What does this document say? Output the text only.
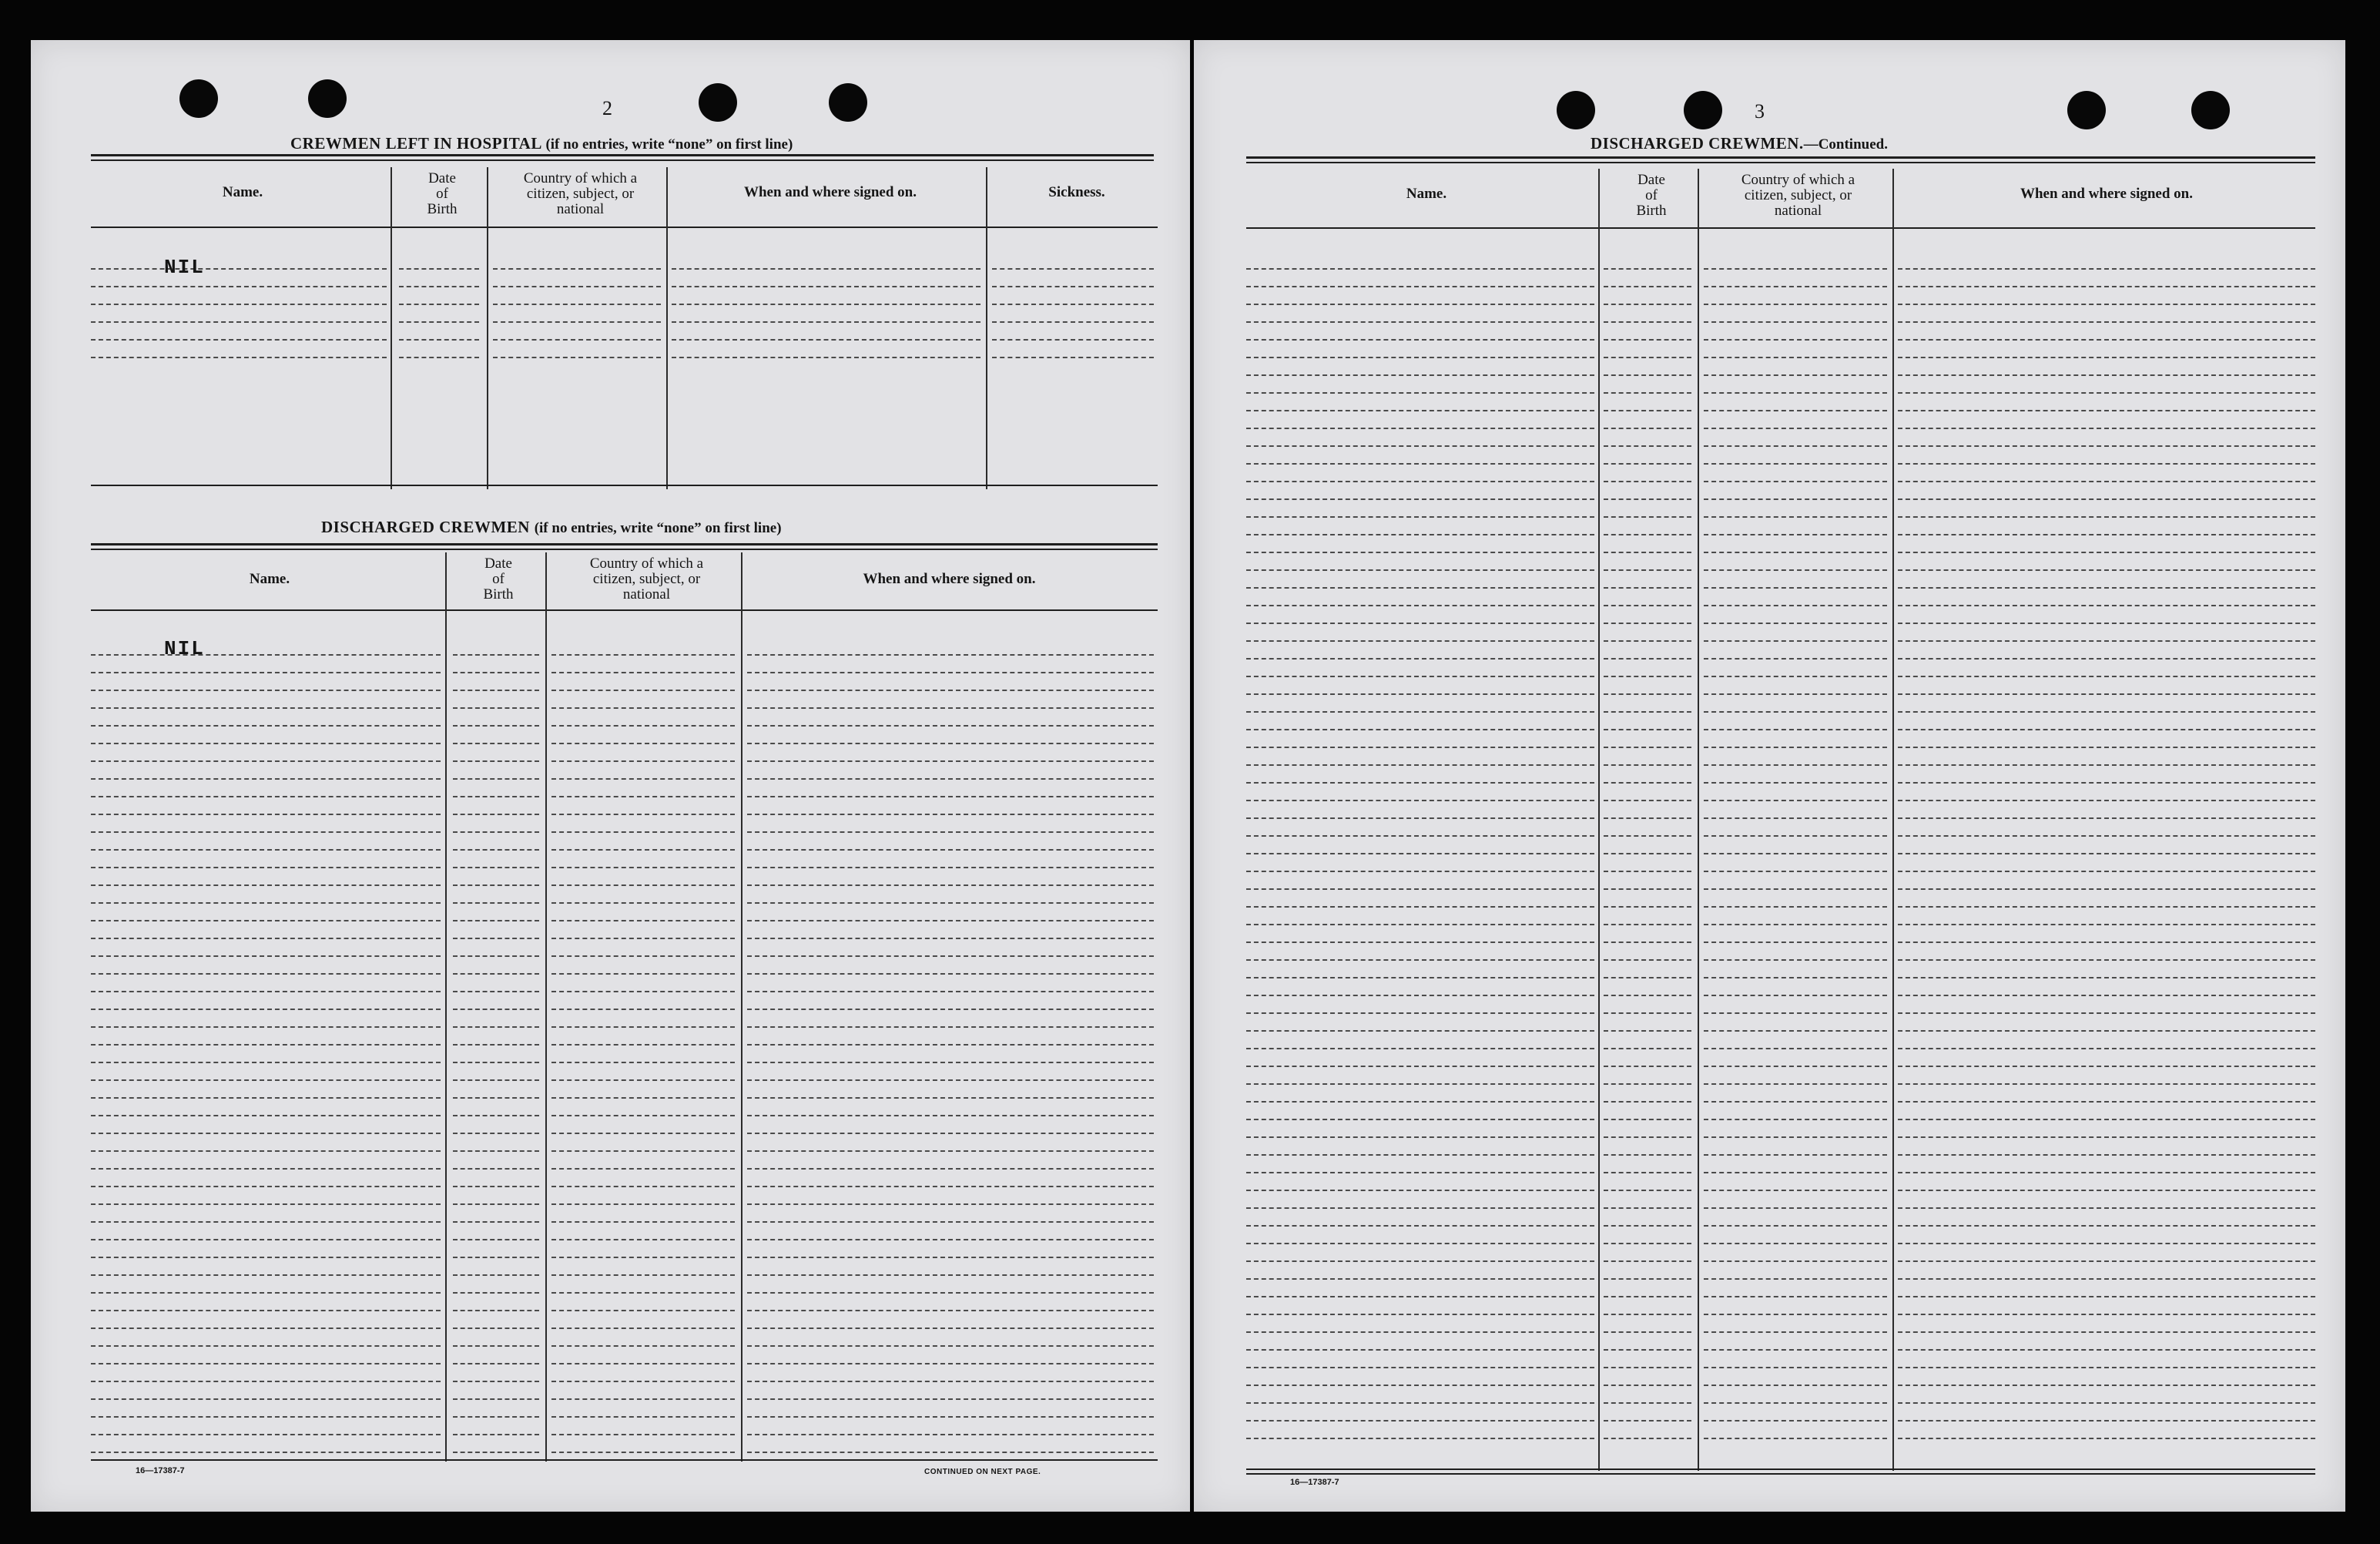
2
CREWMEN LEFT IN HOSPITAL (if no entries, write “none” on first line)
Name.
Date
of
Birth
Country of which a
citizen, subject, or
national
When and where signed on.	Sickness.
NIL
DISCHARGED CREWMEN (if no entries, write “none” on first line)
Name.
Date
of
Birth
Country of which a
citizen, subject, or
national
When and where signed on.
NIL
16—17387-7	CONTINUED ON NEXT PAGE.
3
DISCHARGED CREWMEN.—Continued.
Name.
Date
of
Birth
Country of which a
citizen, subject, or
national
When and where signed on.
16—17387-7
